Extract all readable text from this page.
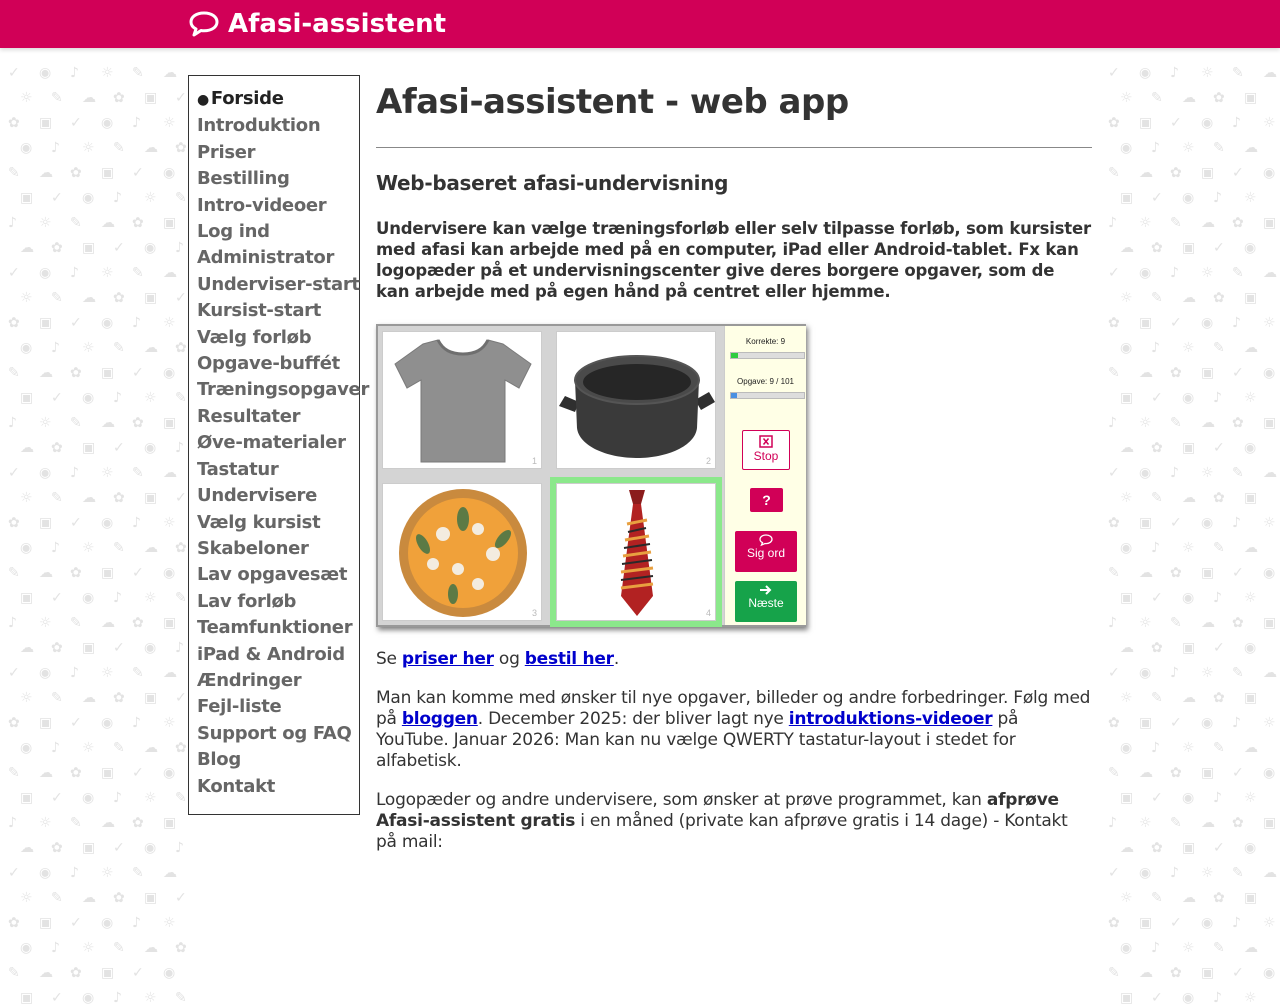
✓ ◉ ♪ ☼ ✎ ☁
☼ ✎ ☁ ✿ ▣ ✓
✿ ▣ ✓ ◉ ♪ ☼
◉ ♪ ☼ ✎ ☁ ✿
✎ ☁ ✿ ▣ ✓ ◉
▣ ✓ ◉ ♪ ☼ ✎
♪ ☼ ✎ ☁ ✿ ▣
☁ ✿ ▣ ✓ ◉ ♪
✓ ◉ ♪ ☼ ✎ ☁
☼ ✎ ☁ ✿ ▣ ✓
✿ ▣ ✓ ◉ ♪ ☼
◉ ♪ ☼ ✎ ☁ ✿
✎ ☁ ✿ ▣ ✓ ◉
▣ ✓ ◉ ♪ ☼ ✎
♪ ☼ ✎ ☁ ✿ ▣
☁ ✿ ▣ ✓ ◉ ♪
✓ ◉ ♪ ☼ ✎ ☁
☼ ✎ ☁ ✿ ▣ ✓
✿ ▣ ✓ ◉ ♪ ☼
◉ ♪ ☼ ✎ ☁ ✿
✎ ☁ ✿ ▣ ✓ ◉
▣ ✓ ◉ ♪ ☼ ✎
♪ ☼ ✎ ☁ ✿ ▣
☁ ✿ ▣ ✓ ◉ ♪
✓ ◉ ♪ ☼ ✎ ☁
☼ ✎ ☁ ✿ ▣ ✓
✿ ▣ ✓ ◉ ♪ ☼
◉ ♪ ☼ ✎ ☁ ✿
✎ ☁ ✿ ▣ ✓ ◉
▣ ✓ ◉ ♪ ☼ ✎
♪ ☼ ✎ ☁ ✿ ▣
☁ ✿ ▣ ✓ ◉ ♪
✓ ◉ ♪ ☼ ✎ ☁
☼ ✎ ☁ ✿ ▣ ✓
✿ ▣ ✓ ◉ ♪ ☼
◉ ♪ ☼ ✎ ☁ ✿
✎ ☁ ✿ ▣ ✓ ◉
▣ ✓ ◉ ♪ ☼ ✎
✓ ◉ ♪ ☼ ✎ ☁
☼ ✎ ☁ ✿ ▣
✿ ▣ ✓ ◉ ♪ ☼
◉ ♪ ☼ ✎ ☁
✎ ☁ ✿ ▣ ✓ ◉
▣ ✓ ◉ ♪ ☼
♪ ☼ ✎ ☁ ✿ ▣
☁ ✿ ▣ ✓ ◉
✓ ◉ ♪ ☼ ✎ ☁
☼ ✎ ☁ ✿ ▣
✿ ▣ ✓ ◉ ♪ ☼
◉ ♪ ☼ ✎ ☁
✎ ☁ ✿ ▣ ✓ ◉
▣ ✓ ◉ ♪ ☼
♪ ☼ ✎ ☁ ✿ ▣
☁ ✿ ▣ ✓ ◉
✓ ◉ ♪ ☼ ✎ ☁
☼ ✎ ☁ ✿ ▣
✿ ▣ ✓ ◉ ♪ ☼
◉ ♪ ☼ ✎ ☁
✎ ☁ ✿ ▣ ✓ ◉
▣ ✓ ◉ ♪ ☼
♪ ☼ ✎ ☁ ✿ ▣
☁ ✿ ▣ ✓ ◉
✓ ◉ ♪ ☼ ✎ ☁
☼ ✎ ☁ ✿ ▣
✿ ▣ ✓ ◉ ♪ ☼
◉ ♪ ☼ ✎ ☁
✎ ☁ ✿ ▣ ✓ ◉
▣ ✓ ◉ ♪ ☼
♪ ☼ ✎ ☁ ✿ ▣
☁ ✿ ▣ ✓ ◉
✓ ◉ ♪ ☼ ✎ ☁
☼ ✎ ☁ ✿ ▣
✿ ▣ ✓ ◉ ♪ ☼
◉ ♪ ☼ ✎ ☁
✎ ☁ ✿ ▣ ✓ ◉
▣ ✓ ◉ ♪ ☼
Afasi-assistent
● Forside
Introduktion
Priser
Bestilling
Intro-videoer
Log ind
Administrator
Underviser-start
Kursist-start
Vælg forløb
Opgave-buffét
Træningsopgaver
Resultater
Øve-materialer
Tastatur
Undervisere
Vælg kursist
Skabeloner
Lav opgavesæt
Lav forløb
Teamfunktioner
iPad & Android
Ændringer
Fejl-liste
Support og FAQ
Blog
Kontakt
Afasi-assistent - web app
Web-baseret afasi-undervisning

Undervisere kan vælge træningsforløb eller selv tilpasse forløb, som kursister med afasi kan arbejde med på en computer, iPad eller Android-tablet. Fx kan logopæder på et undervisningscenter give deres borgere opgaver, som de kan arbejde med på egen hånd på centret eller hjemme.

1	2
3	4
Korrekte: 9
Opgave: 9 / 101
Stop
?
Sig ord
Næste

Se priser her og bestil her.

Man kan komme med ønsker til nye opgaver, billeder og andre forbedringer. Følg med på bloggen. December 2025: der bliver lagt nye introduktions-videoer på YouTube. Januar 2026: Man kan nu vælge QWERTY tastatur-layout i stedet for alfabetisk.

Logopæder og andre undervisere, som ønsker at prøve programmet, kan afprøve Afasi-assistent gratis i en måned (private kan afprøve gratis i 14 dage) - Kontakt på mail:
